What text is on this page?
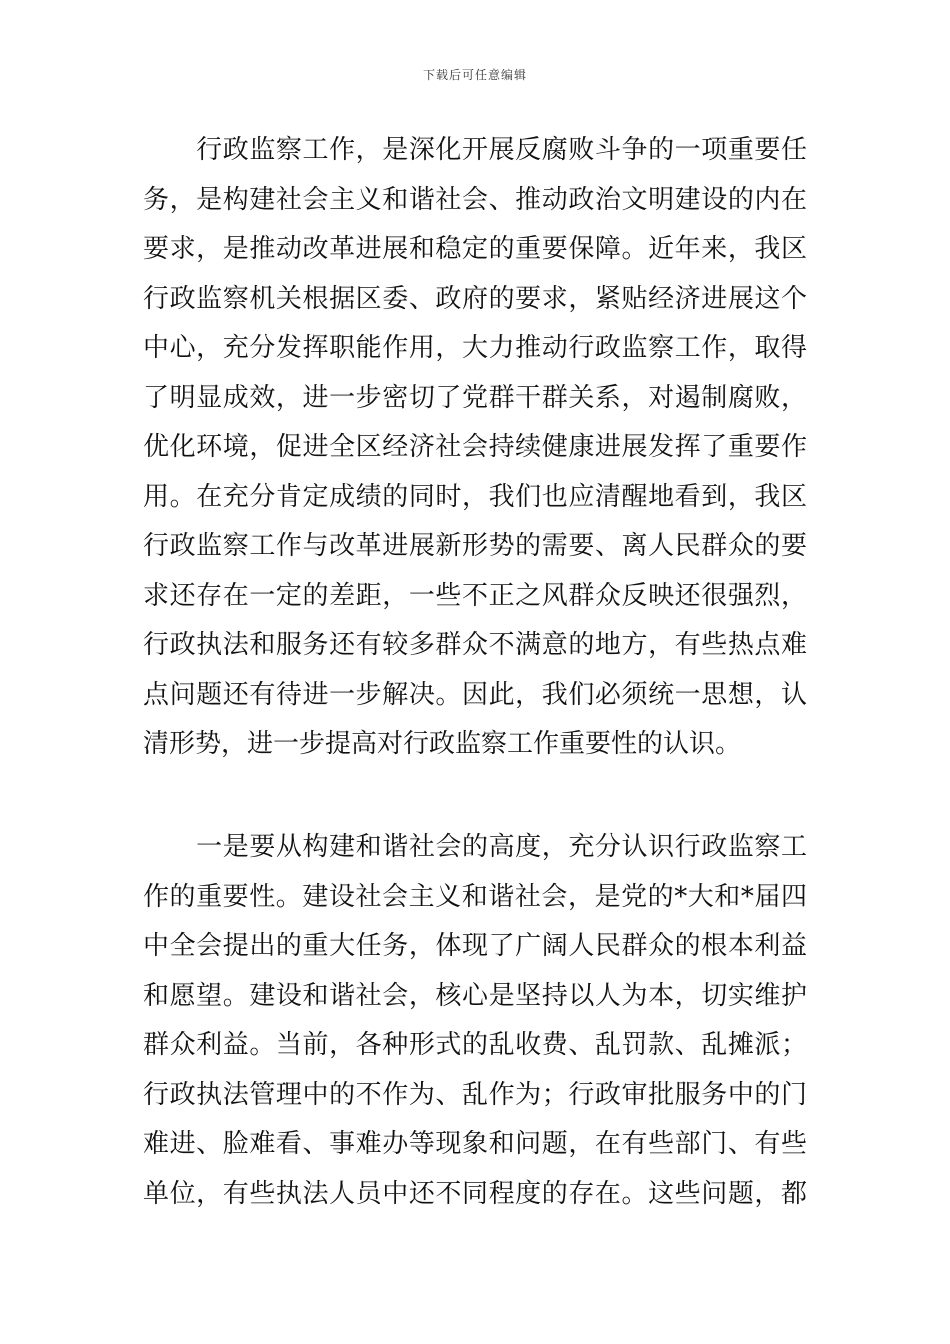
下载后可任意编辑
　　行政监察工作，是深化开展反腐败斗争的一项重要任
务，是构建社会主义和谐社会、推动政治文明建设的内在
要求，是推动改革进展和稳定的重要保障。近年来，我区
行政监察机关根据区委、政府的要求，紧贴经济进展这个
中心，充分发挥职能作用，大力推动行政监察工作，取得
了明显成效，进一步密切了党群干群关系，对遏制腐败，
优化环境，促进全区经济社会持续健康进展发挥了重要作
用。在充分肯定成绩的同时，我们也应清醒地看到，我区
行政监察工作与改革进展新形势的需要、离人民群众的要
求还存在一定的差距，一些不正之风群众反映还很强烈，
行政执法和服务还有较多群众不满意的地方，有些热点难
点问题还有待进一步解决。因此，我们必须统一思想，认
清形势，进一步提高对行政监察工作重要性的认识。
　　一是要从构建和谐社会的高度，充分认识行政监察工
作的重要性。建设社会主义和谐社会，是党的*大和*届四
中全会提出的重大任务，体现了广阔人民群众的根本利益
和愿望。建设和谐社会，核心是坚持以人为本，切实维护
群众利益。当前，各种形式的乱收费、乱罚款、乱摊派；
行政执法管理中的不作为、乱作为；行政审批服务中的门
难进、脸难看、事难办等现象和问题，在有些部门、有些
单位，有些执法人员中还不同程度的存在。这些问题，都
